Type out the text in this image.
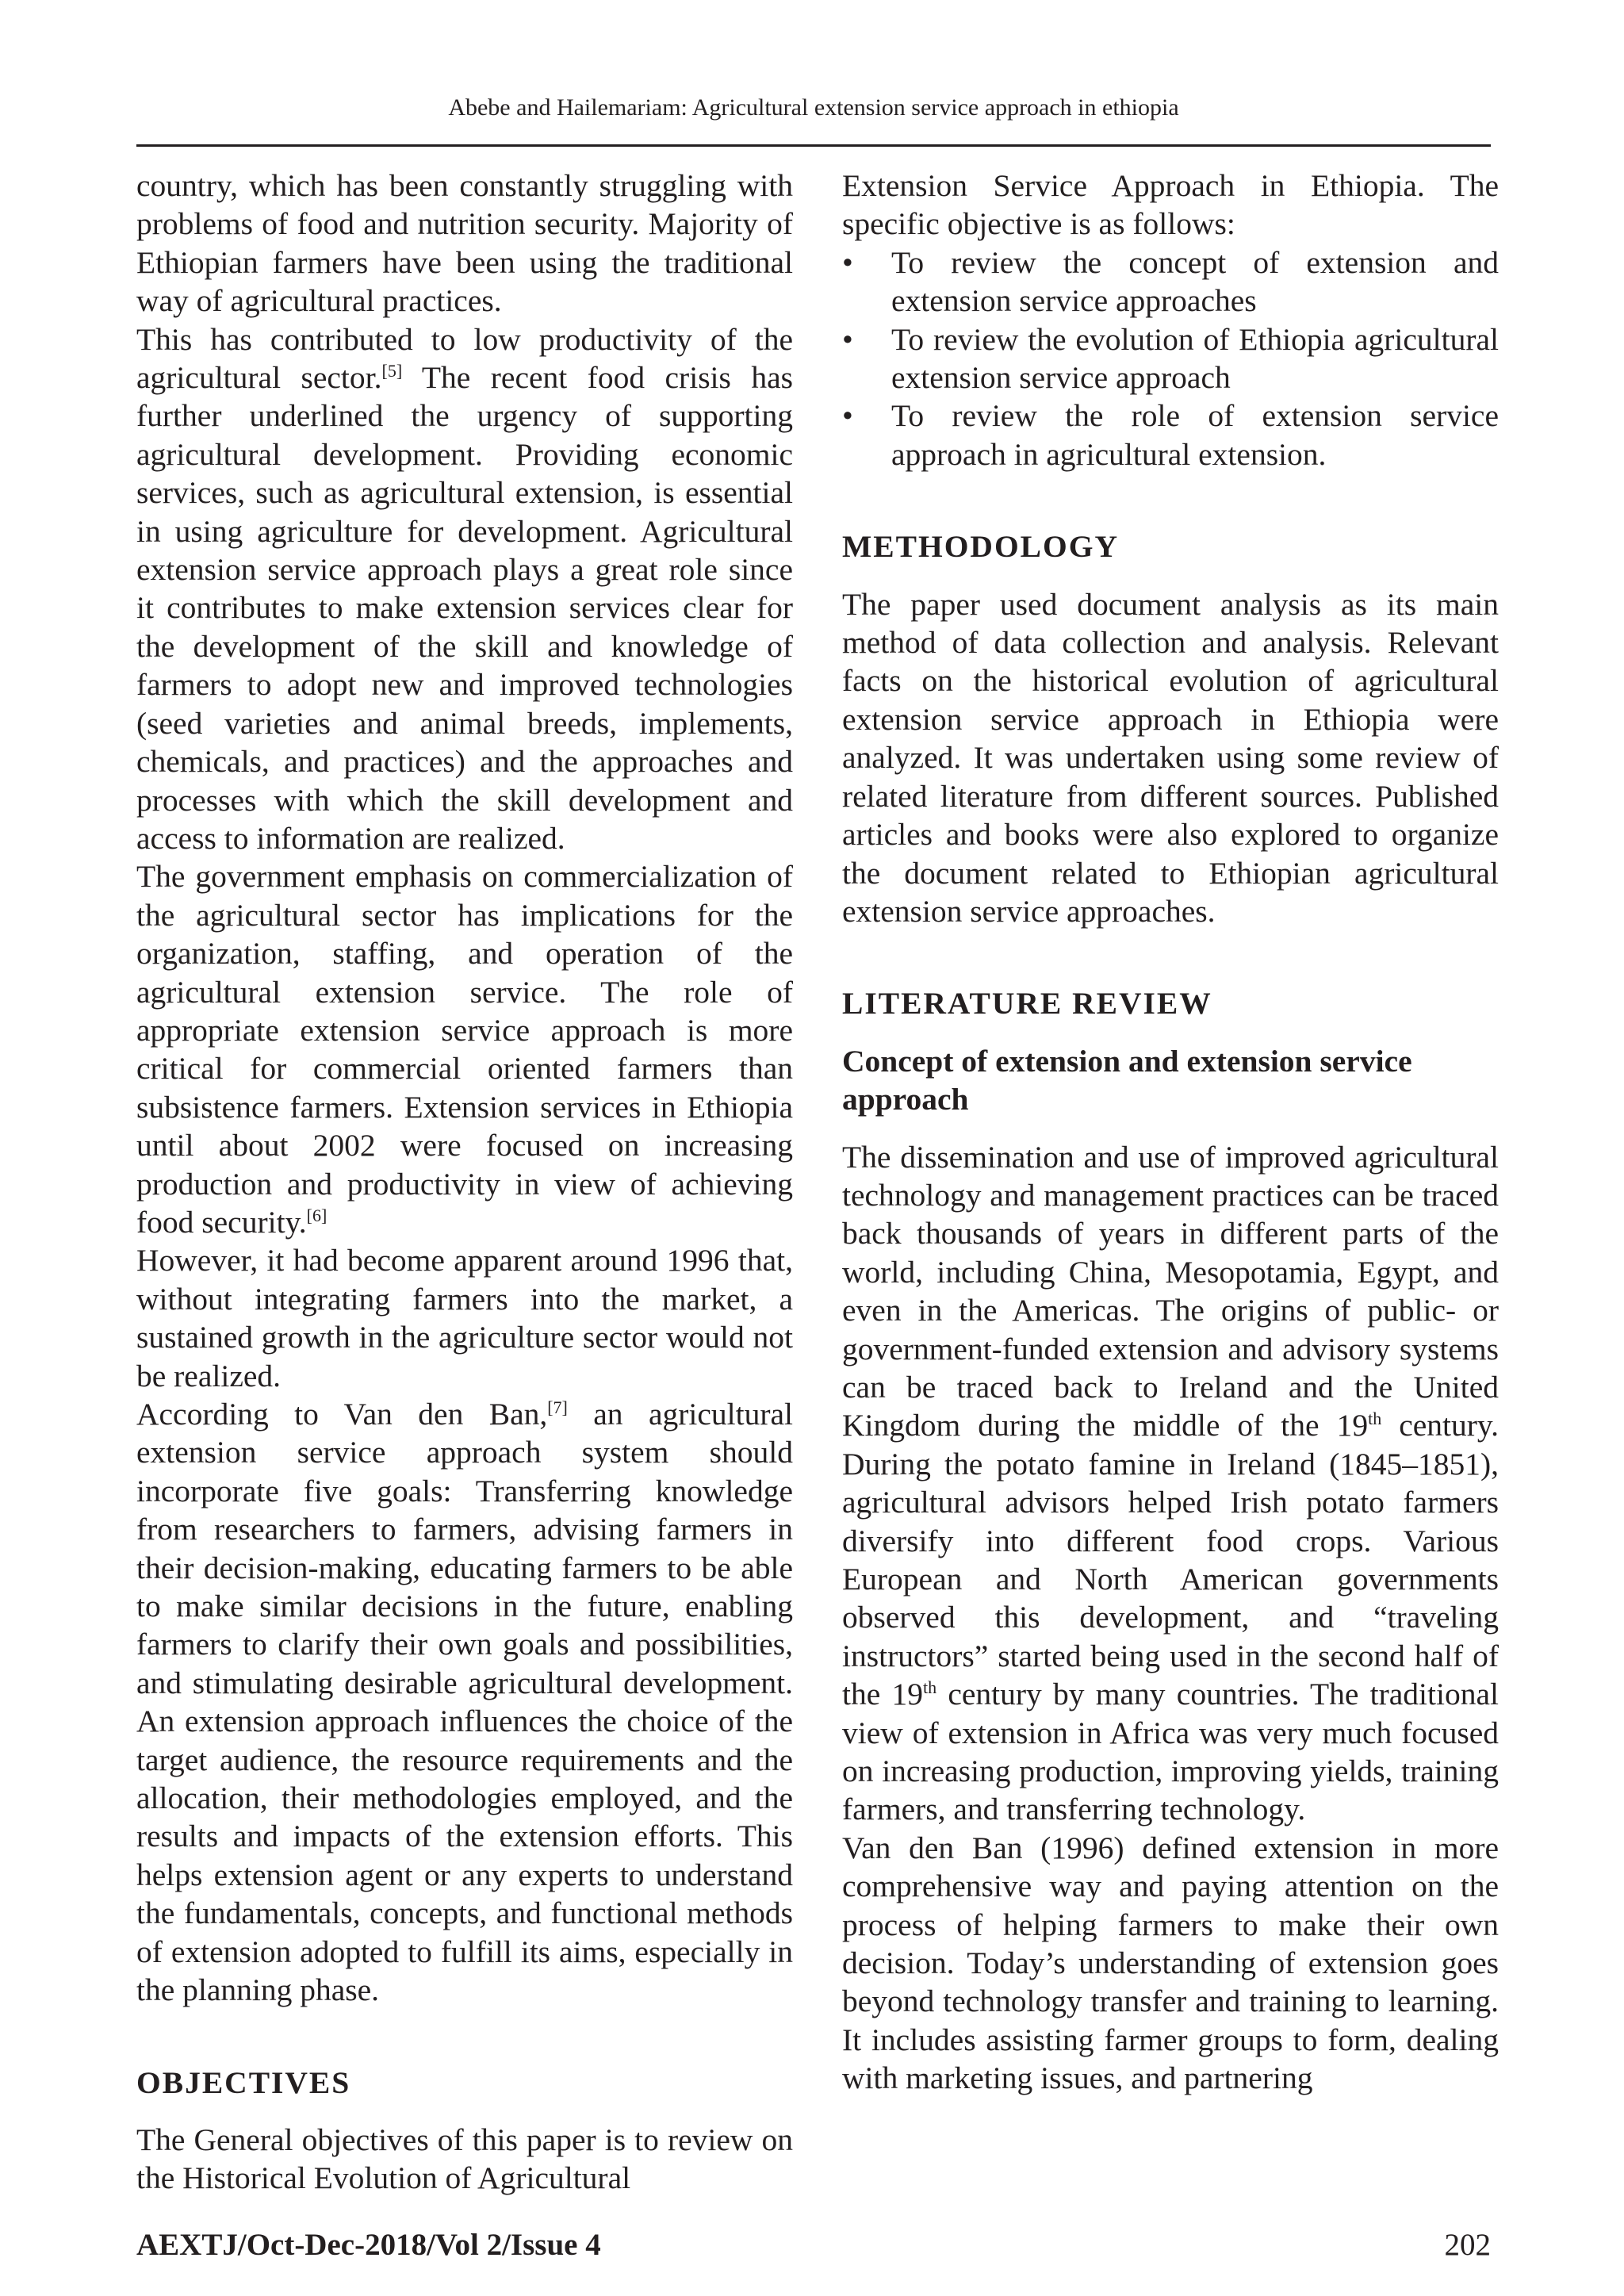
Abebe and Hailemariam: Agricultural extension service approach in ethiopia

country, which has been constantly struggling with problems of food and nutrition security. Majority of Ethiopian farmers have been using the traditional way of agricultural practices.

This has contributed to low productivity of the agricultural sector.[5] The recent food crisis has further underlined the urgency of supporting agricultural development. Providing economic services, such as agricultural extension, is essential in using agriculture for development. Agricultural extension service approach plays a great role since it contributes to make extension services clear for the development of the skill and knowledge of farmers to adopt new and improved technologies (seed varieties and animal breeds, implements, chemicals, and practices) and the approaches and processes with which the skill development and access to information are realized.

The government emphasis on commercialization of the agricultural sector has implications for the organization, staffing, and operation of the agricultural extension service. The role of appropriate extension service approach is more critical for commercial oriented farmers than subsistence farmers. Extension services in Ethiopia until about 2002 were focused on increasing production and productivity in view of achieving food security.[6]

However, it had become apparent around 1996 that, without integrating farmers into the market, a sustained growth in the agriculture sector would not be realized.

According to Van den Ban,[7] an agricultural extension service approach system should incorporate five goals: Transferring knowledge from researchers to farmers, advising farmers in their decision-making, educating farmers to be able to make similar decisions in the future, enabling farmers to clarify their own goals and possibilities, and stimulating desirable agricultural development. An extension approach influences the choice of the target audience, the resource requirements and the allocation, their methodologies employed, and the results and impacts of the extension efforts. This helps extension agent or any experts to understand the fundamentals, concepts, and functional methods of extension adopted to fulfill its aims, especially in the planning phase.

OBJECTIVES

The General objectives of this paper is to review on the Historical Evolution of Agricultural

Extension Service Approach in Ethiopia. The specific objective is as follows:

• To review the concept of extension and extension service approaches
• To review the evolution of Ethiopia agricultural extension service approach
• To review the role of extension service approach in agricultural extension.
METHODOLOGY

The paper used document analysis as its main method of data collection and analysis. Relevant facts on the historical evolution of agricultural extension service approach in Ethiopia were analyzed. It was undertaken using some review of related literature from different sources. Published articles and books were also explored to organize the document related to Ethiopian agricultural extension service approaches.

LITERATURE REVIEW
Concept of extension and extension service approach

The dissemination and use of improved agricultural technology and management practices can be traced back thousands of years in different parts of the world, including China, Mesopotamia, Egypt, and even in the Americas. The origins of public- or government-funded extension and advisory systems can be traced back to Ireland and the United Kingdom during the middle of the 19th century. During the potato famine in Ireland (1845–1851), agricultural advisors helped Irish potato farmers diversify into different food crops. Various European and North American governments observed this development, and “traveling instructors” started being used in the second half of the 19th century by many countries. The traditional view of extension in Africa was very much focused on increasing production, improving yields, training farmers, and transferring technology.

Van den Ban (1996) defined extension in more comprehensive way and paying attention on the process of helping farmers to make their own decision. Today’s understanding of extension goes beyond technology transfer and training to learning. It includes assisting farmer groups to form, dealing with marketing issues, and partnering

AEXTJ/Oct-Dec-2018/Vol 2/Issue 4	202
